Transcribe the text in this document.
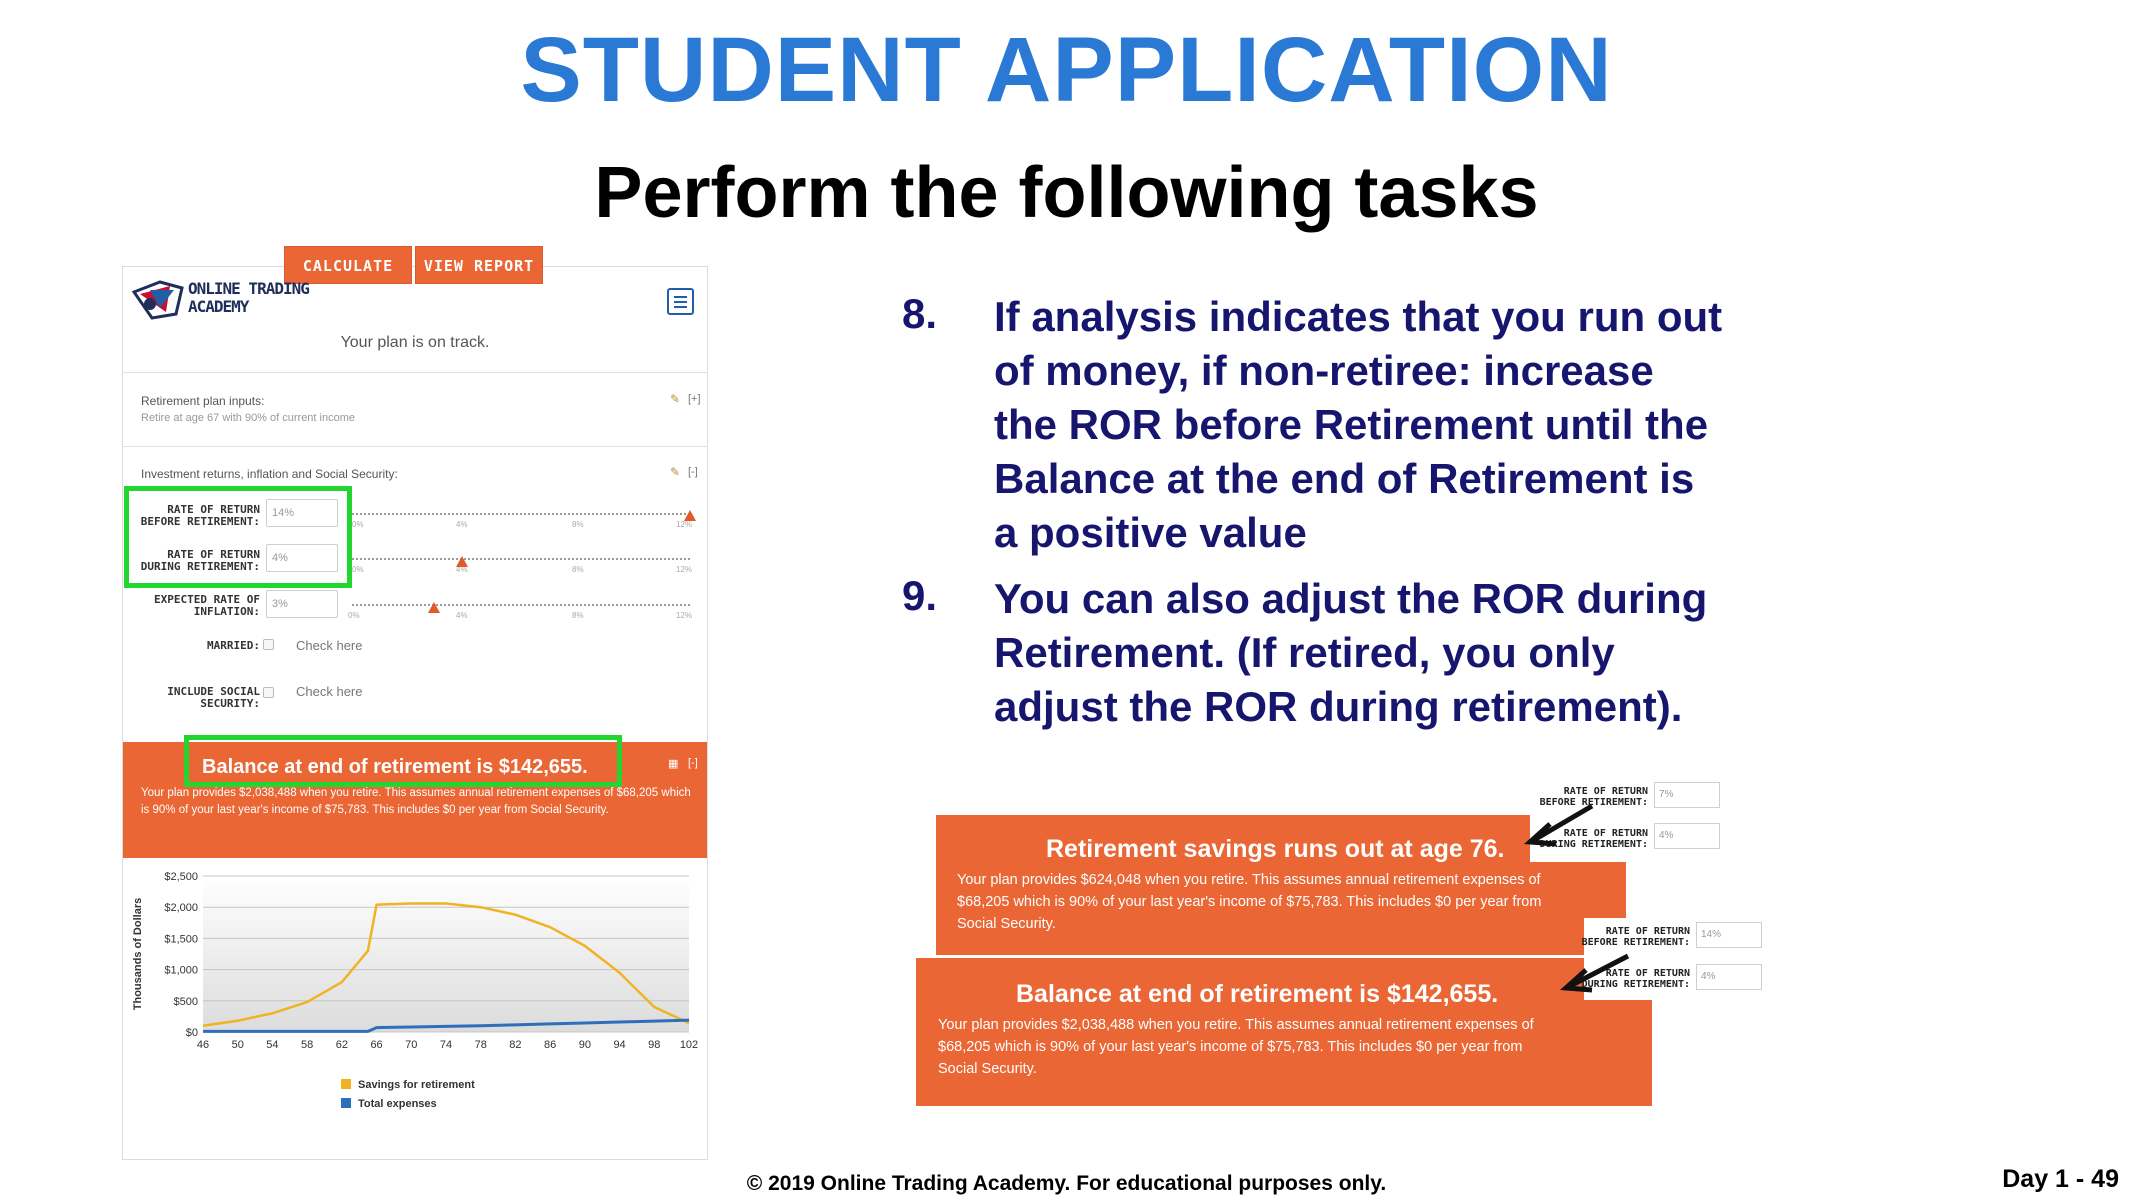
STUDENT APPLICATION
Perform the following tasks
CALCULATE	VIEW REPORT
ONLINE TRADING
ACADEMY
Your plan is on track.
Retirement plan inputs:
Retire at age 67 with 90% of current income
✎ [+]
Investment returns, inflation and Social Security:	✎ [-]
RATE OF RETURN
BEFORE RETIREMENT:
14%
0%	4%	8%	12%
RATE OF RETURN
DURING RETIREMENT:
4%
0%	4%	8%	12%
EXPECTED RATE OF
INFLATION:
3%
0%	4%	8%	12%
MARRIED:	Check here
INCLUDE SOCIAL
SECURITY:
Check here
Balance at end of retirement is $142,655.
Your plan provides $2,038,488 when you retire. This assumes annual retirement expenses of $68,205 which is 90% of your last year's income of $75,783. This includes $0 per year from Social Security.
▦ [-]
$0
$500
$1,000
$1,500
$2,000
$2,500
46 50 54 58 62 66 70 74 78 82 86 90 94 98 102
Thousands of Dollars
Savings for retirement
Total expenses
8. If analysis indicates that you run out
of money, if non-retiree: increase
the ROR before Retirement until the
Balance at the end of Retirement is
a positive value
9. You can also adjust the ROR during
Retirement. (If retired, you only
adjust the ROR during retirement).
Retirement savings runs out at age 76.
Your plan provides $624,048 when you retire. This assumes annual retirement expenses of
$68,205 which is 90% of your last year's income of $75,783. This includes $0 per year from
Social Security.
RATE OF RETURN
BEFORE RETIREMENT:
7%
RATE OF RETURN
DURING RETIREMENT:
4%
Balance at end of retirement is $142,655.
Your plan provides $2,038,488 when you retire. This assumes annual retirement expenses of
$68,205 which is 90% of your last year's income of $75,783. This includes $0 per year from
Social Security.
RATE OF RETURN
BEFORE RETIREMENT:
14%
RATE OF RETURN
DURING RETIREMENT:
4%
© 2019 Online Trading Academy. For educational purposes only.	Day 1 - 49
